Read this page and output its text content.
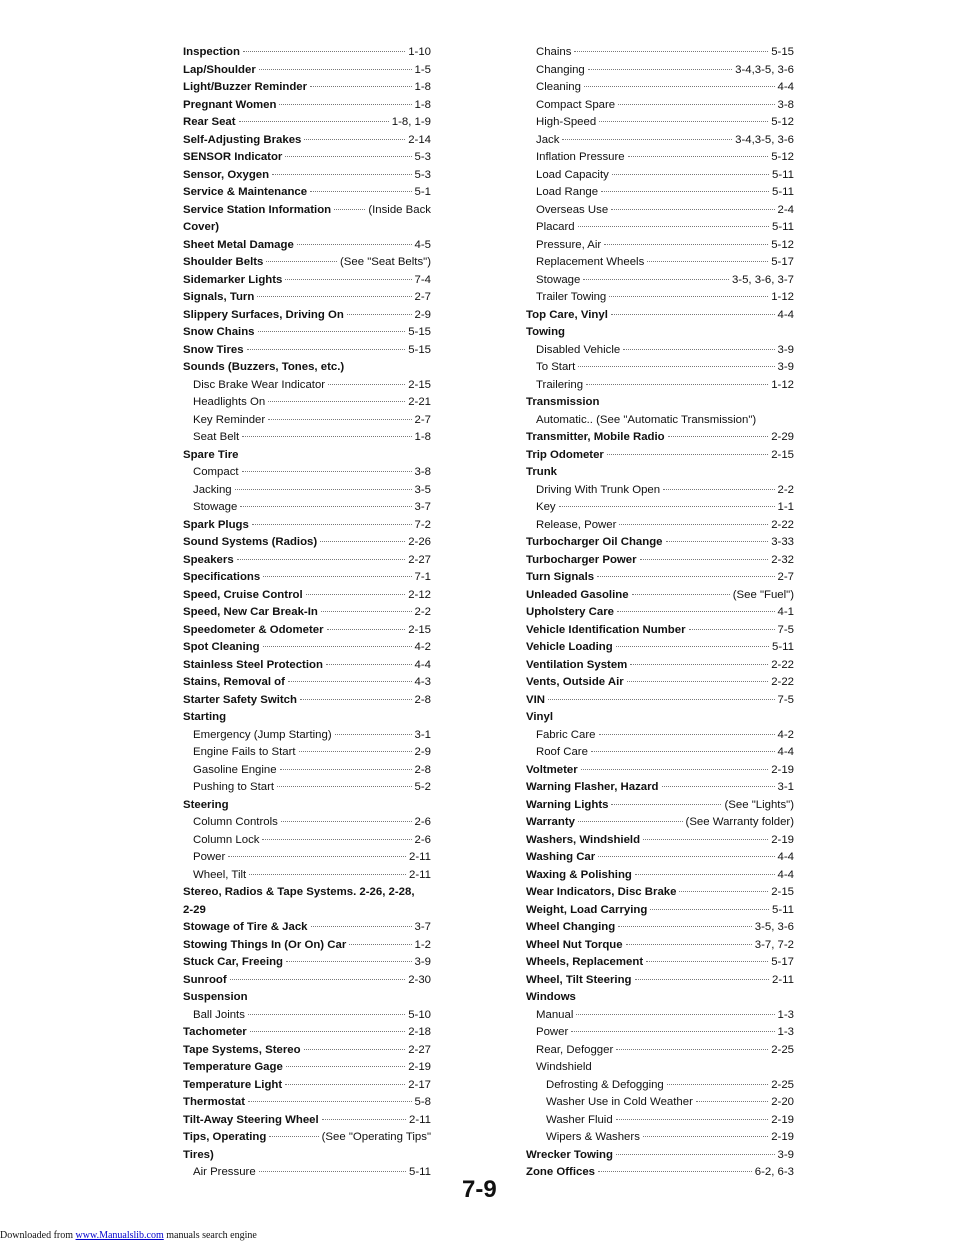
Inspection	1-10
Lap/Shoulder	1-5
Light/Buzzer Reminder	1-8
Pregnant Women	1-8
Rear Seat	1-8, 1-9
Self-Adjusting Brakes	2-14
SENSOR Indicator	5-3
Sensor, Oxygen	5-3
Service & Maintenance	5-1
Service Station Information	(Inside Back
Cover)
Sheet Metal Damage	4-5
Shoulder Belts	(See "Seat Belts")
Sidemarker Lights	7-4
Signals, Turn	2-7
Slippery Surfaces, Driving On	2-9
Snow Chains	5-15
Snow Tires	5-15
Sounds (Buzzers, Tones, etc.)
Disc Brake Wear Indicator	2-15
Headlights On	2-21
Key Reminder	2-7
Seat Belt	1-8
Spare Tire
Compact	3-8
Jacking	3-5
Stowage	3-7
Spark Plugs	7-2
Sound Systems (Radios)	2-26
Speakers	2-27
Specifications	7-1
Speed, Cruise Control	2-12
Speed, New Car Break-In	2-2
Speedometer & Odometer	2-15
Spot Cleaning	4-2
Stainless Steel Protection	4-4
Stains, Removal of	4-3
Starter Safety Switch	2-8
Starting
Emergency (Jump Starting)	3-1
Engine Fails to Start	2-9
Gasoline Engine	2-8
Pushing to Start	5-2
Steering
Column Controls	2-6
Column Lock	2-6
Power	2-11
Wheel, Tilt	2-11
Stereo, Radios & Tape Systems. 2-26, 2-28,
2-29
Stowage of Tire & Jack	3-7
Stowing Things In (Or On) Car	1-2
Stuck Car, Freeing	3-9
Sunroof	2-30
Suspension
Ball Joints	5-10
Tachometer	2-18
Tape Systems, Stereo	2-27
Temperature Gage	2-19
Temperature Light	2-17
Thermostat	5-8
Tilt-Away Steering Wheel	2-11
Tips, Operating	(See "Operating Tips"
Tires)
Air Pressure	5-11
Chains	5-15
Changing	3-4,3-5, 3-6
Cleaning	4-4
Compact Spare	3-8
High-Speed	5-12
Jack	3-4,3-5, 3-6
Inflation Pressure	5-12
Load Capacity	5-11
Load Range	5-11
Overseas Use	2-4
Placard	5-11
Pressure, Air	5-12
Replacement Wheels	5-17
Stowage	3-5, 3-6, 3-7
Trailer Towing	1-12
Top Care, Vinyl	4-4
Towing
Disabled Vehicle	3-9
To Start	3-9
Trailering	1-12
Transmission
Automatic.. (See "Automatic Transmission")
Transmitter, Mobile Radio	2-29
Trip Odometer	2-15
Trunk
Driving With Trunk Open	2-2
Key	1-1
Release, Power	2-22
Turbocharger Oil Change	3-33
Turbocharger Power	2-32
Turn Signals	2-7
Unleaded Gasoline	(See "Fuel")
Upholstery Care	4-1
Vehicle Identification Number	7-5
Vehicle Loading	5-11
Ventilation System	2-22
Vents, Outside Air	2-22
VIN	7-5
Vinyl
Fabric Care	4-2
Roof Care	4-4
Voltmeter	2-19
Warning Flasher, Hazard	3-1
Warning Lights	(See "Lights")
Warranty	(See Warranty folder)
Washers, Windshield	2-19
Washing Car	4-4
Waxing & Polishing	4-4
Wear Indicators, Disc Brake	2-15
Weight, Load Carrying	5-11
Wheel Changing	3-5, 3-6
Wheel Nut Torque	3-7, 7-2
Wheels, Replacement	5-17
Wheel, Tilt Steering	2-11
Windows
Manual	1-3
Power	1-3
Rear, Defogger	2-25
Windshield
Defrosting & Defogging	2-25
Washer Use in Cold Weather	2-20
Washer Fluid	2-19
Wipers & Washers	2-19
Wrecker Towing	3-9
Zone Offices	6-2, 6-3
7-9
Downloaded from www.Manualslib.com manuals search engine
